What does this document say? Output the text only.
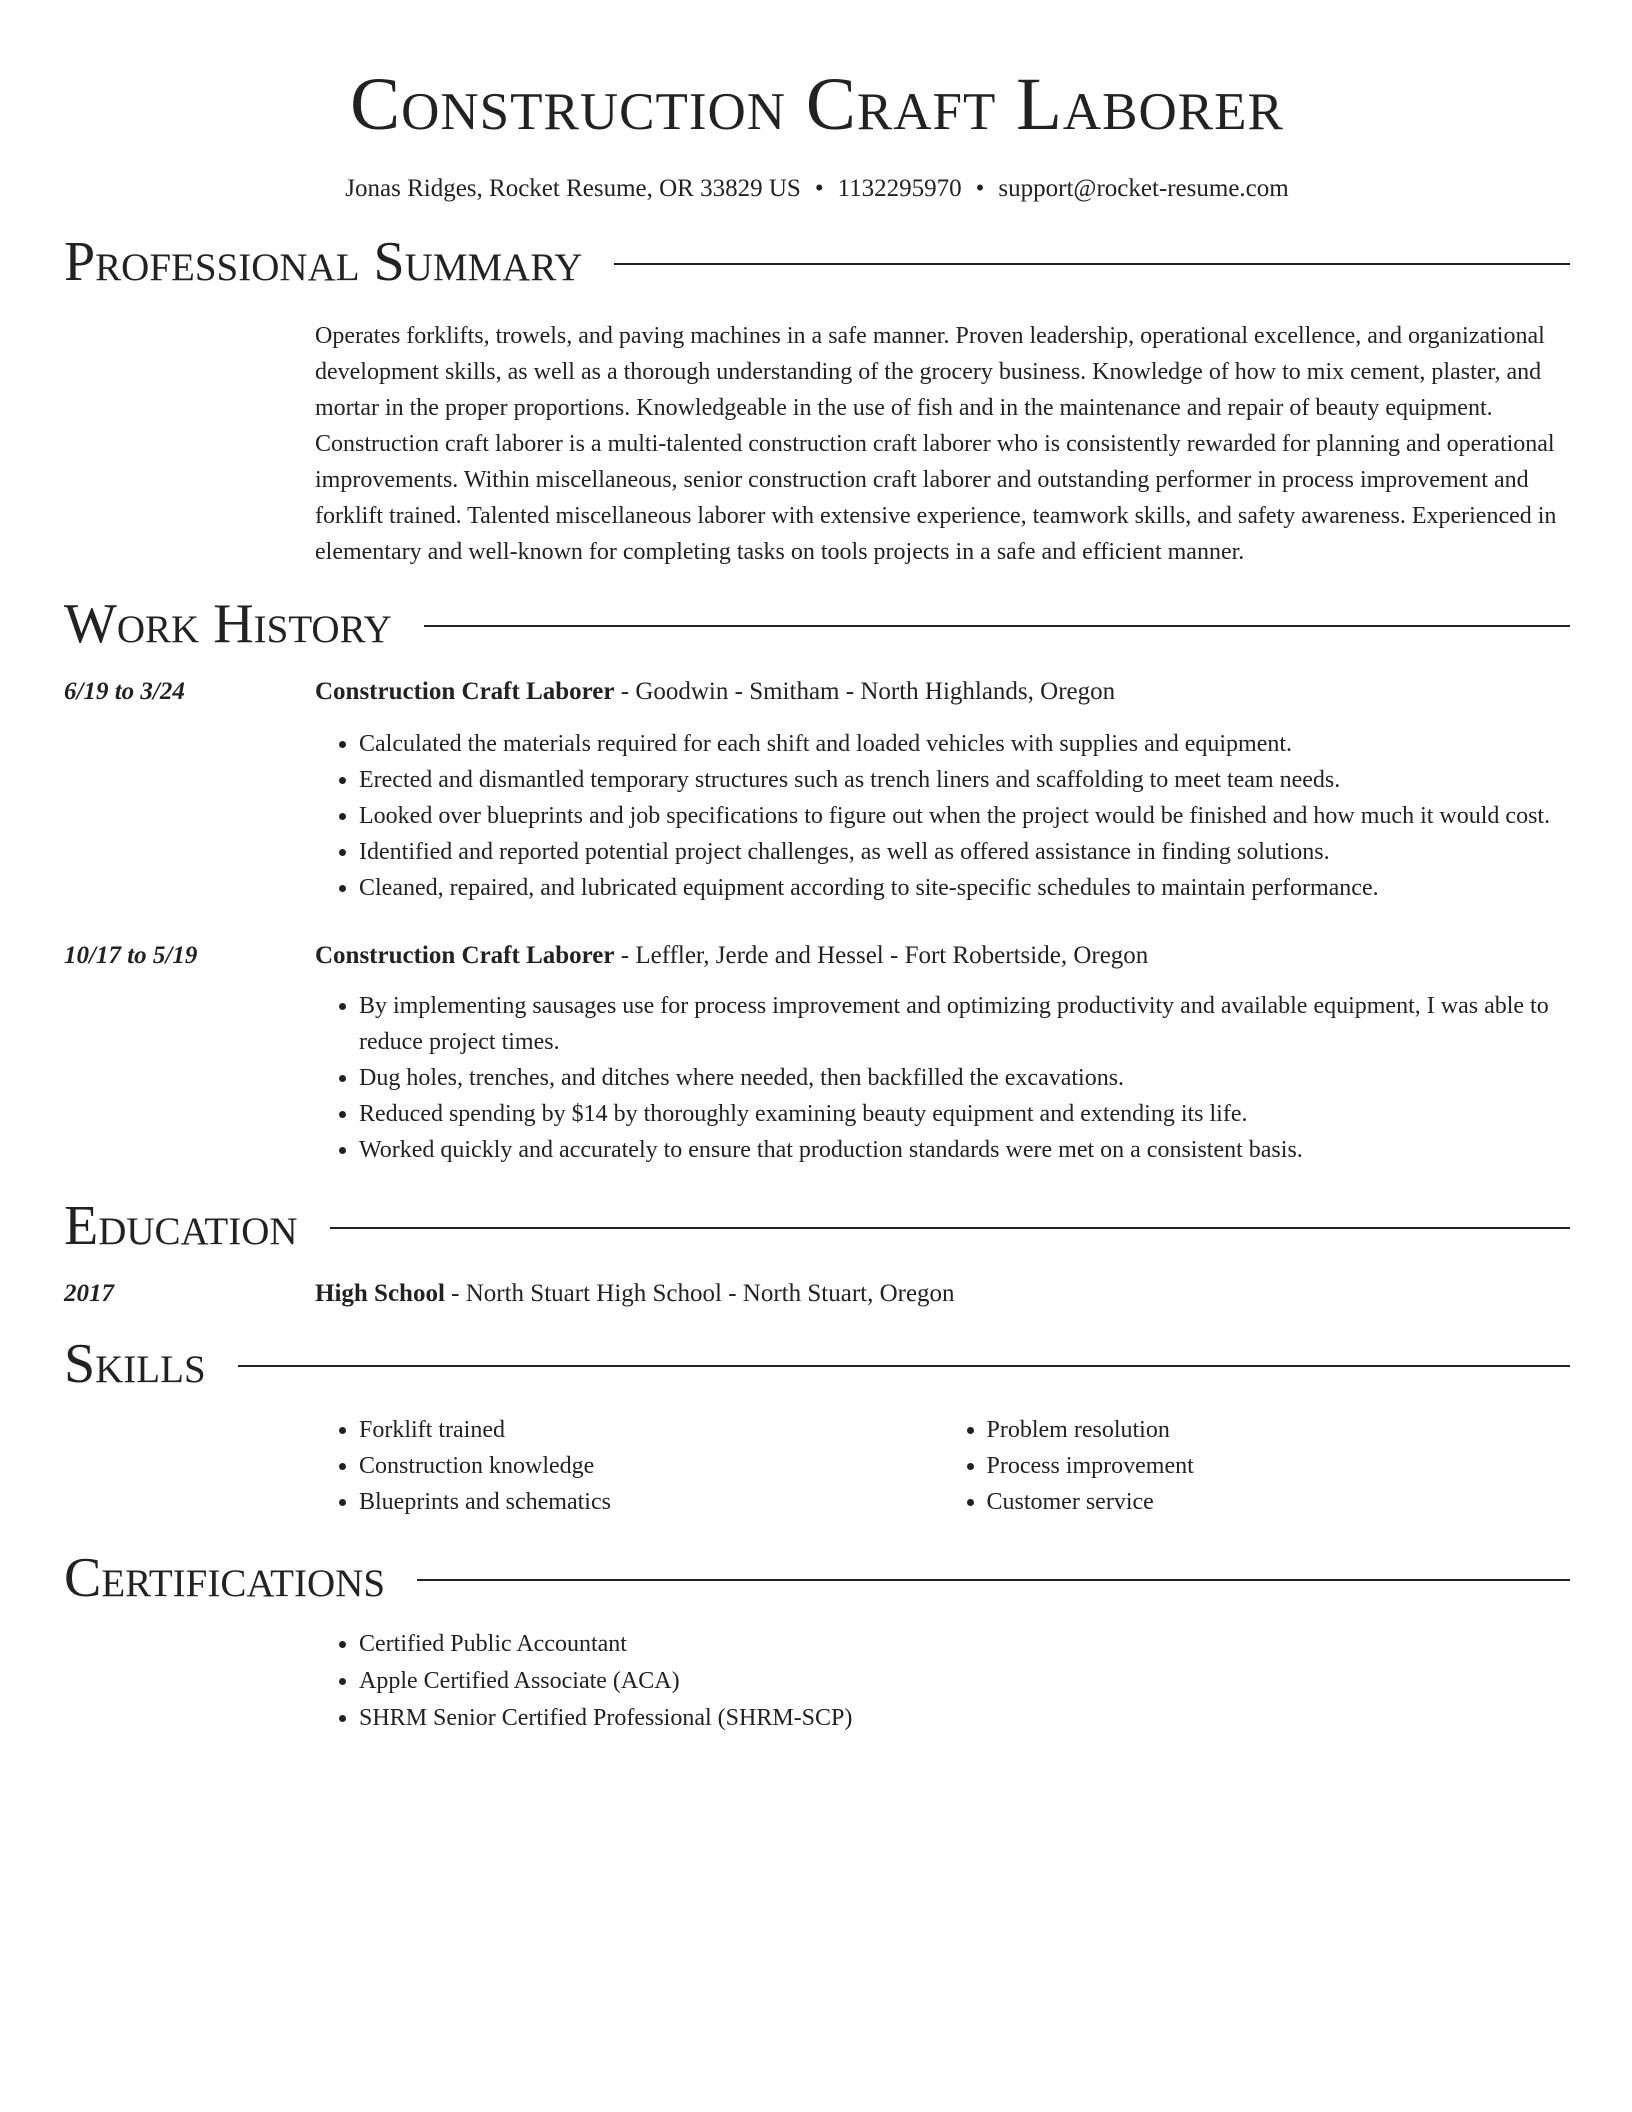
Construction Craft Laborer
Jonas Ridges, Rocket Resume, OR 33829 US • 1132295970 • support@rocket-resume.com
Professional Summary

Operates forklifts, trowels, and paving machines in a safe manner. Proven leadership, operational excellence, and organizational development skills, as well as a thorough understanding of the grocery business. Knowledge of how to mix cement, plaster, and mortar in the proper proportions. Knowledgeable in the use of fish and in the maintenance and repair of beauty equipment. Construction craft laborer is a multi-talented construction craft laborer who is consistently rewarded for planning and operational improvements. Within miscellaneous, senior construction craft laborer and outstanding performer in process improvement and forklift trained. Talented miscellaneous laborer with extensive experience, teamwork skills, and safety awareness. Experienced in elementary and well-known for completing tasks on tools projects in a safe and efficient manner.

Work History
6/19 to 3/24	Construction Craft Laborer - Goodwin - Smitham - North Highlands, Oregon
• Calculated the materials required for each shift and loaded vehicles with supplies and equipment.
• Erected and dismantled temporary structures such as trench liners and scaffolding to meet team needs.
• Looked over blueprints and job specifications to figure out when the project would be finished and how much it would cost.
• Identified and reported potential project challenges, as well as offered assistance in finding solutions.
• Cleaned, repaired, and lubricated equipment according to site-specific schedules to maintain performance.
10/17 to 5/19	Construction Craft Laborer - Leffler, Jerde and Hessel - Fort Robertside, Oregon
• By implementing sausages use for process improvement and optimizing productivity and available equipment, I was able to reduce project times.
• Dug holes, trenches, and ditches where needed, then backfilled the excavations.
• Reduced spending by $14 by thoroughly examining beauty equipment and extending its life.
• Worked quickly and accurately to ensure that production standards were met on a consistent basis.
Education
2017	High School - North Stuart High School - North Stuart, Oregon
Skills
• Forklift trained
• Construction knowledge
• Blueprints and schematics
• Problem resolution
• Process improvement
• Customer service
Certifications
• Certified Public Accountant
• Apple Certified Associate (ACA)
• SHRM Senior Certified Professional (SHRM-SCP)
